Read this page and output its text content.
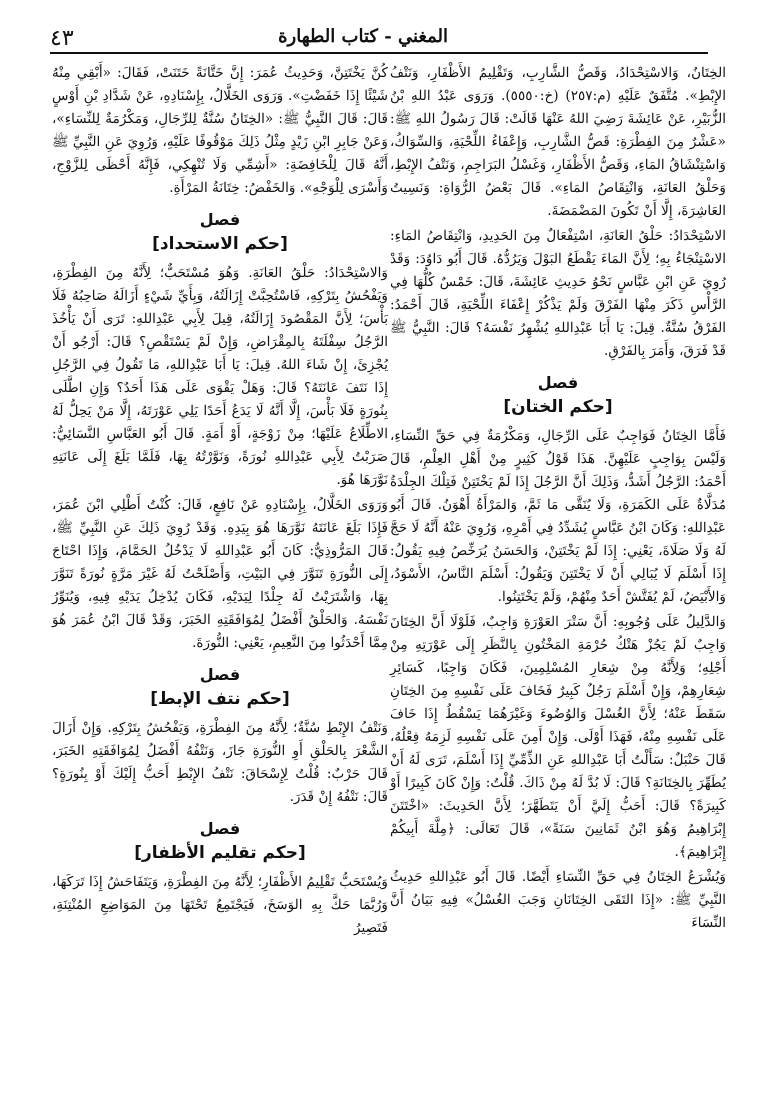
٤٣	المغني - كتاب الطهارة

الخِتَانُ، وَالاسْتِحْدَادُ، وَقَصُّ الشَّارِبِ، وَتَقْلِيمُ الأَظْفَارِ، وَنَتْفُ الإِبْطِ». مُتَّفَقٌ عَلَيْهِ (م:٢٥٧) (خ:٥٥٥٠). وَرَوَى عَبْدُ اللهِ بْنُ الزُّبَيْرِ، عَنْ عَائِشَةَ رَضِيَ اللهُ عَنْهَا قَالَتْ: قَالَ رَسُولُ اللهِ ﷺ: «عَشْرٌ مِنَ الفِطْرَةِ: قَصُّ الشَّارِبِ، وَإِعْفَاءُ اللِّحْيَةِ، وَالسِّوَاكُ، وَاسْتِنْشَاقُ المَاءِ، وَقَصُّ الأَظْفَارِ، وَغَسْلُ البَرَاجِمِ، وَنَتْفُ الإِبْطِ، وَحَلْقُ العَانَةِ، وَانْتِقَاصُ المَاءِ». قَالَ بَعْضُ الرُّوَاةِ: وَنَسِيتُ العَاشِرَةَ، إِلَّا أَنْ تَكُونَ المَضْمَضَةَ.

الاسْتِحْدَادُ: حَلْقُ العَانَةِ، اسْتِفْعَالٌ مِنَ الحَدِيدِ، وَانْتِقَاصُ المَاءِ: الاسْتِنْجَاءُ بِهِ؛ لِأَنَّ المَاءَ يَقْطَعُ البَوْلَ وَيَرُدُّهُ. قَالَ أَبُو دَاوُدَ: وَقَدْ رُوِيَ عَنِ ابْنِ عَبَّاسٍ نَحْوُ حَدِيثِ عَائِشَةَ، قَالَ: خَمْسٌ كُلُّهَا فِي الرَّأْسِ ذَكَرَ مِنْهَا الفَرْقَ وَلَمْ يَذْكُرْ إِعْفَاءَ اللِّحْيَةِ، قَالَ أَحْمَدُ: الفَرْقُ سُنَّةٌ. قِيلَ: يَا أَبَا عَبْدِاللهِ يُشْهِرُ نَفْسَهُ؟ قَالَ: النَّبِيُّ ﷺ قَدْ فَرَقَ، وَأَمَرَ بِالفَرْقِ.

فصل
[حكم الختان]

فَأَمَّا الخِتَانُ فَوَاجِبٌ عَلَى الرِّجَالِ، وَمَكْرُمَةٌ فِي حَقِّ النِّسَاءِ، وَلَيْسَ بِوَاجِبٍ عَلَيْهِنَّ. هَذَا قَوْلُ كَثِيرٍ مِنْ أَهْلِ العِلْمِ، قَالَ أَحْمَدُ: الرَّجُلُ أَشَدُّ، وَذَلِكَ أَنَّ الرَّجُلَ إِذَا لَمْ يَخْتَتِنْ فَتِلْكَ الجِلْدَةُ مُدَلَّاةٌ عَلَى الكَمَرَةِ، وَلَا يُنَقَّى مَا ثَمَّ، وَالمَرْأَةُ أَهْوَنُ. قَالَ أَبُو عَبْدِاللهِ: وَكَانَ ابْنُ عَبَّاسٍ يُشَدِّدُ فِي أَمْرِهِ، وَرُوِيَ عَنْهُ أَنَّهُ لَا حَجَّ لَهُ وَلَا صَلَاةَ، يَعْنِي: إِذَا لَمْ يَخْتَتِنْ، وَالحَسَنُ يُرَخِّصُ فِيهِ يَقُولُ: إِذَا أَسْلَمَ لَا يُبَالِي أَنْ لَا يَخْتَتِنَ وَيَقُولُ: أَسْلَمَ النَّاسُ، الأَسْوَدُ، وَالأَبْيَضُ، لَمْ يُفَتَّشْ أَحَدٌ مِنْهُمْ، وَلَمْ يَخْتَتِنُوا.

وَالدَّلِيلُ عَلَى وُجُوبِهِ: أَنَّ سَتْرَ العَوْرَةِ وَاجِبٌ، فَلَوْلَا أَنَّ الخِتَانَ وَاجِبٌ لَمْ يَجُزْ هَتْكُ حُرْمَةِ المَخْتُونِ بِالنَّظَرِ إِلَى عَوْرَتِهِ مِنْ أَجْلِهِ؛ وَلِأَنَّهُ مِنْ شِعَارِ المُسْلِمِينَ، فَكَانَ وَاجِبًا، كَسَائِرِ شِعَارِهِمْ، وَإِنْ أَسْلَمَ رَجُلٌ كَبِيرٌ فَخَافَ عَلَى نَفْسِهِ مِنَ الخِتَانِ سَقَطَ عَنْهُ؛ لِأَنَّ الغُسْلَ وَالوُضُوءَ وَغَيْرَهُمَا يَسْقُطُ إِذَا خَافَ عَلَى نَفْسِهِ مِنْهُ، فَهَذَا أَوْلَى. وَإِنْ أَمِنَ عَلَى نَفْسِهِ لَزِمَهُ فِعْلُهُ، قَالَ حَنْبَلٌ: سَأَلْتُ أَبَا عَبْدِاللهِ عَنِ الذِّمِّيِّ إِذَا أَسْلَمَ، تَرَى لَهُ أَنْ يُطَهِّرَ بِالخِتَانَةِ؟ قَالَ: لَا بُدَّ لَهُ مِنْ ذَاكَ. قُلْتُ: وَإِنْ كَانَ كَبِيرًا أَوْ كَبِيرَةً؟ قَالَ: أَحَبُّ إِلَيَّ أَنْ يَتَطَهَّرَ؛ لِأَنَّ الحَدِيثَ: «اخْتَتَنَ إِبْرَاهِيمُ وَهُوَ ابْنُ ثَمَانِينَ سَنَةً»، قَالَ تَعَالَى: ﴿مِلَّةَ أَبِيكُمْ إِبْرَاهِيمَ﴾.

وَيُشْرَعُ الخِتَانُ فِي حَقِّ النِّسَاءِ أَيْضًا. قَالَ أَبُو عَبْدِاللهِ حَدِيثُ النَّبِيِّ ﷺ: «إِذَا التَقَى الخِتَانَانِ وَجَبَ الغُسْلُ» فِيهِ بَيَانُ أَنَّ النِّسَاءَ

كُنَّ يَخْتَتِنَّ، وَحَدِيثُ عُمَرَ: إِنَّ خَتَّانَةً خَتَنَتْ، فَقَالَ: «أَبْقِي مِنْهُ شَيْئًا إِذَا خَفَضْتِ». وَرَوَى الخَلَّالُ، بِإِسْنَادِهِ، عَنْ شَدَّادِ بْنِ أَوْسٍ قَالَ: قَالَ النَّبِيُّ ﷺ: «الخِتَانُ سُنَّةٌ لِلرِّجَالِ، وَمَكْرُمَةٌ لِلنِّسَاءِ»، وَعَنْ جَابِرِ ابْنِ زَيْدٍ مِثْلُ ذَلِكَ مَوْقُوفًا عَلَيْهِ، وَرُوِيَ عَنِ النَّبِيِّ ﷺ أَنَّهُ قَالَ لِلْخَافِضَةِ: «أَشِمِّي وَلَا تُنْهِكِي، فَإِنَّهُ أَحْظَى لِلزَّوْجِ، وَأَسْرَى لِلْوَجْهِ». وَالخَفْضُ: خِتَانَةُ المَرْأَةِ.

فصل
[حكم الاستحداد]

وَالاسْتِحْدَادُ: حَلْقُ العَانَةِ. وَهُوَ مُسْتَحَبٌّ؛ لِأَنَّهُ مِنَ الفِطْرَةِ، وَيَفْحُشُ بِتَرْكِهِ، فَاسْتُحِبَّتْ إِزَالَتُهُ، وَبِأَيِّ شَيْءٍ أَزَالَهُ صَاحِبُهُ فَلَا بَأْسَ؛ لِأَنَّ المَقْصُودَ إِزَالَتُهُ، قِيلَ لِأَبِي عَبْدِاللهِ: تَرَى أَنْ يَأْخُذَ الرَّجُلُ سِفْلَتَهُ بِالمِقْرَاضِ، وَإِنْ لَمْ يَسْتَقْصِ؟ قَالَ: أَرْجُو أَنْ يُجْزِئَ، إِنْ شَاءَ اللهُ. قِيلَ: يَا أَبَا عَبْدِاللهِ، مَا تَقُولُ فِي الرَّجُلِ إِذَا نَتَفَ عَانَتَهُ؟ قَالَ: وَهَلْ يَقْوَى عَلَى هَذَا أَحَدٌ؟ وَإِنِ اطَّلَى بِنُورَةٍ فَلَا بَأْسَ، إِلَّا أَنَّهُ لَا يَدَعُ أَحَدًا يَلِي عَوْرَتَهُ، إِلَّا مَنْ يَحِلُّ لَهُ الاطِّلَاعُ عَلَيْهَا؛ مِنْ زَوْجَةٍ، أَوْ أَمَةٍ. قَالَ أَبُو العَبَّاسِ النَّسَائِيُّ: صَرَبْتُ لِأَبِي عَبْدِاللهِ نُورَةً، وَنَوَّرْتُهُ بِهَا، فَلَمَّا بَلَغَ إِلَى عَانَتِهِ نَوَّرَهَا هُوَ.

وَرَوَى الخَلَّالُ، بِإِسْنَادِهِ عَنْ نَافِعٍ، قَالَ: كُنْتُ أَطْلِي ابْنَ عُمَرَ، فَإِذَا بَلَغَ عَانَتَهُ نَوَّرَهَا هُوَ بِيَدِهِ. وَقَدْ رُوِيَ ذَلِكَ عَنِ النَّبِيِّ ﷺ، قَالَ المَرُّوذِيُّ: كَانَ أَبُو عَبْدِاللهِ لَا يَدْخُلُ الحَمَّامَ، وَإِذَا احْتَاجَ إِلَى النُّورَةِ تَنَوَّرَ فِي البَيْتِ، وَأَصْلَحْتُ لَهُ غَيْرَ مَرَّةٍ نُورَةً تَنَوَّرَ بِهَا، وَاشْتَرَيْتُ لَهُ جِلْدًا لِيَدَيْهِ، فَكَانَ يُدْخِلُ يَدَيْهِ فِيهِ، وَيُنَوِّرُ نَفْسَهُ. وَالحَلْقُ أَفْضَلُ لِمُوَافَقَتِهِ الخَبَرَ، وَقَدْ قَالَ ابْنُ عُمَرَ هُوَ مِمَّا أَحْدَثُوا مِنَ النَّعِيمِ، يَعْنِي: النُّورَةَ.

فصل
[حكم نتف الإبط]

وَنَتْفُ الإِبْطِ سُنَّةٌ؛ لِأَنَّهُ مِنَ الفِطْرَةِ، وَيَفْحُشُ بِتَرْكِهِ. وَإِنْ أَزَالَ الشَّعْرَ بِالحَلْقِ أَوِ النُّورَةِ جَازَ، وَنَتْفُهُ أَفْضَلُ لِمُوَافَقَتِهِ الخَبَرَ، قَالَ حَرْبٌ: قُلْتُ لِإِسْحَاقَ: نَتْفُ الإِبْطِ أَحَبُّ إِلَيْكَ أَوْ بِنُورَةٍ؟ قَالَ: نَتْفُهُ إِنْ قَدَرَ.

فصل
[حكم تقليم الأظفار]

وَيُسْتَحَبُّ تَقْلِيمُ الأَظْفَارِ؛ لِأَنَّهُ مِنَ الفِطْرَةِ، وَيَتَفَاحَشُ إِذَا تَرَكَهَا، وَرُبَّمَا حَكَّ بِهِ الوَسَخَ، فَيَجْتَمِعُ تَحْتَهَا مِنَ المَوَاضِعِ المُنْتِنَةِ، فَتَصِيرُ
